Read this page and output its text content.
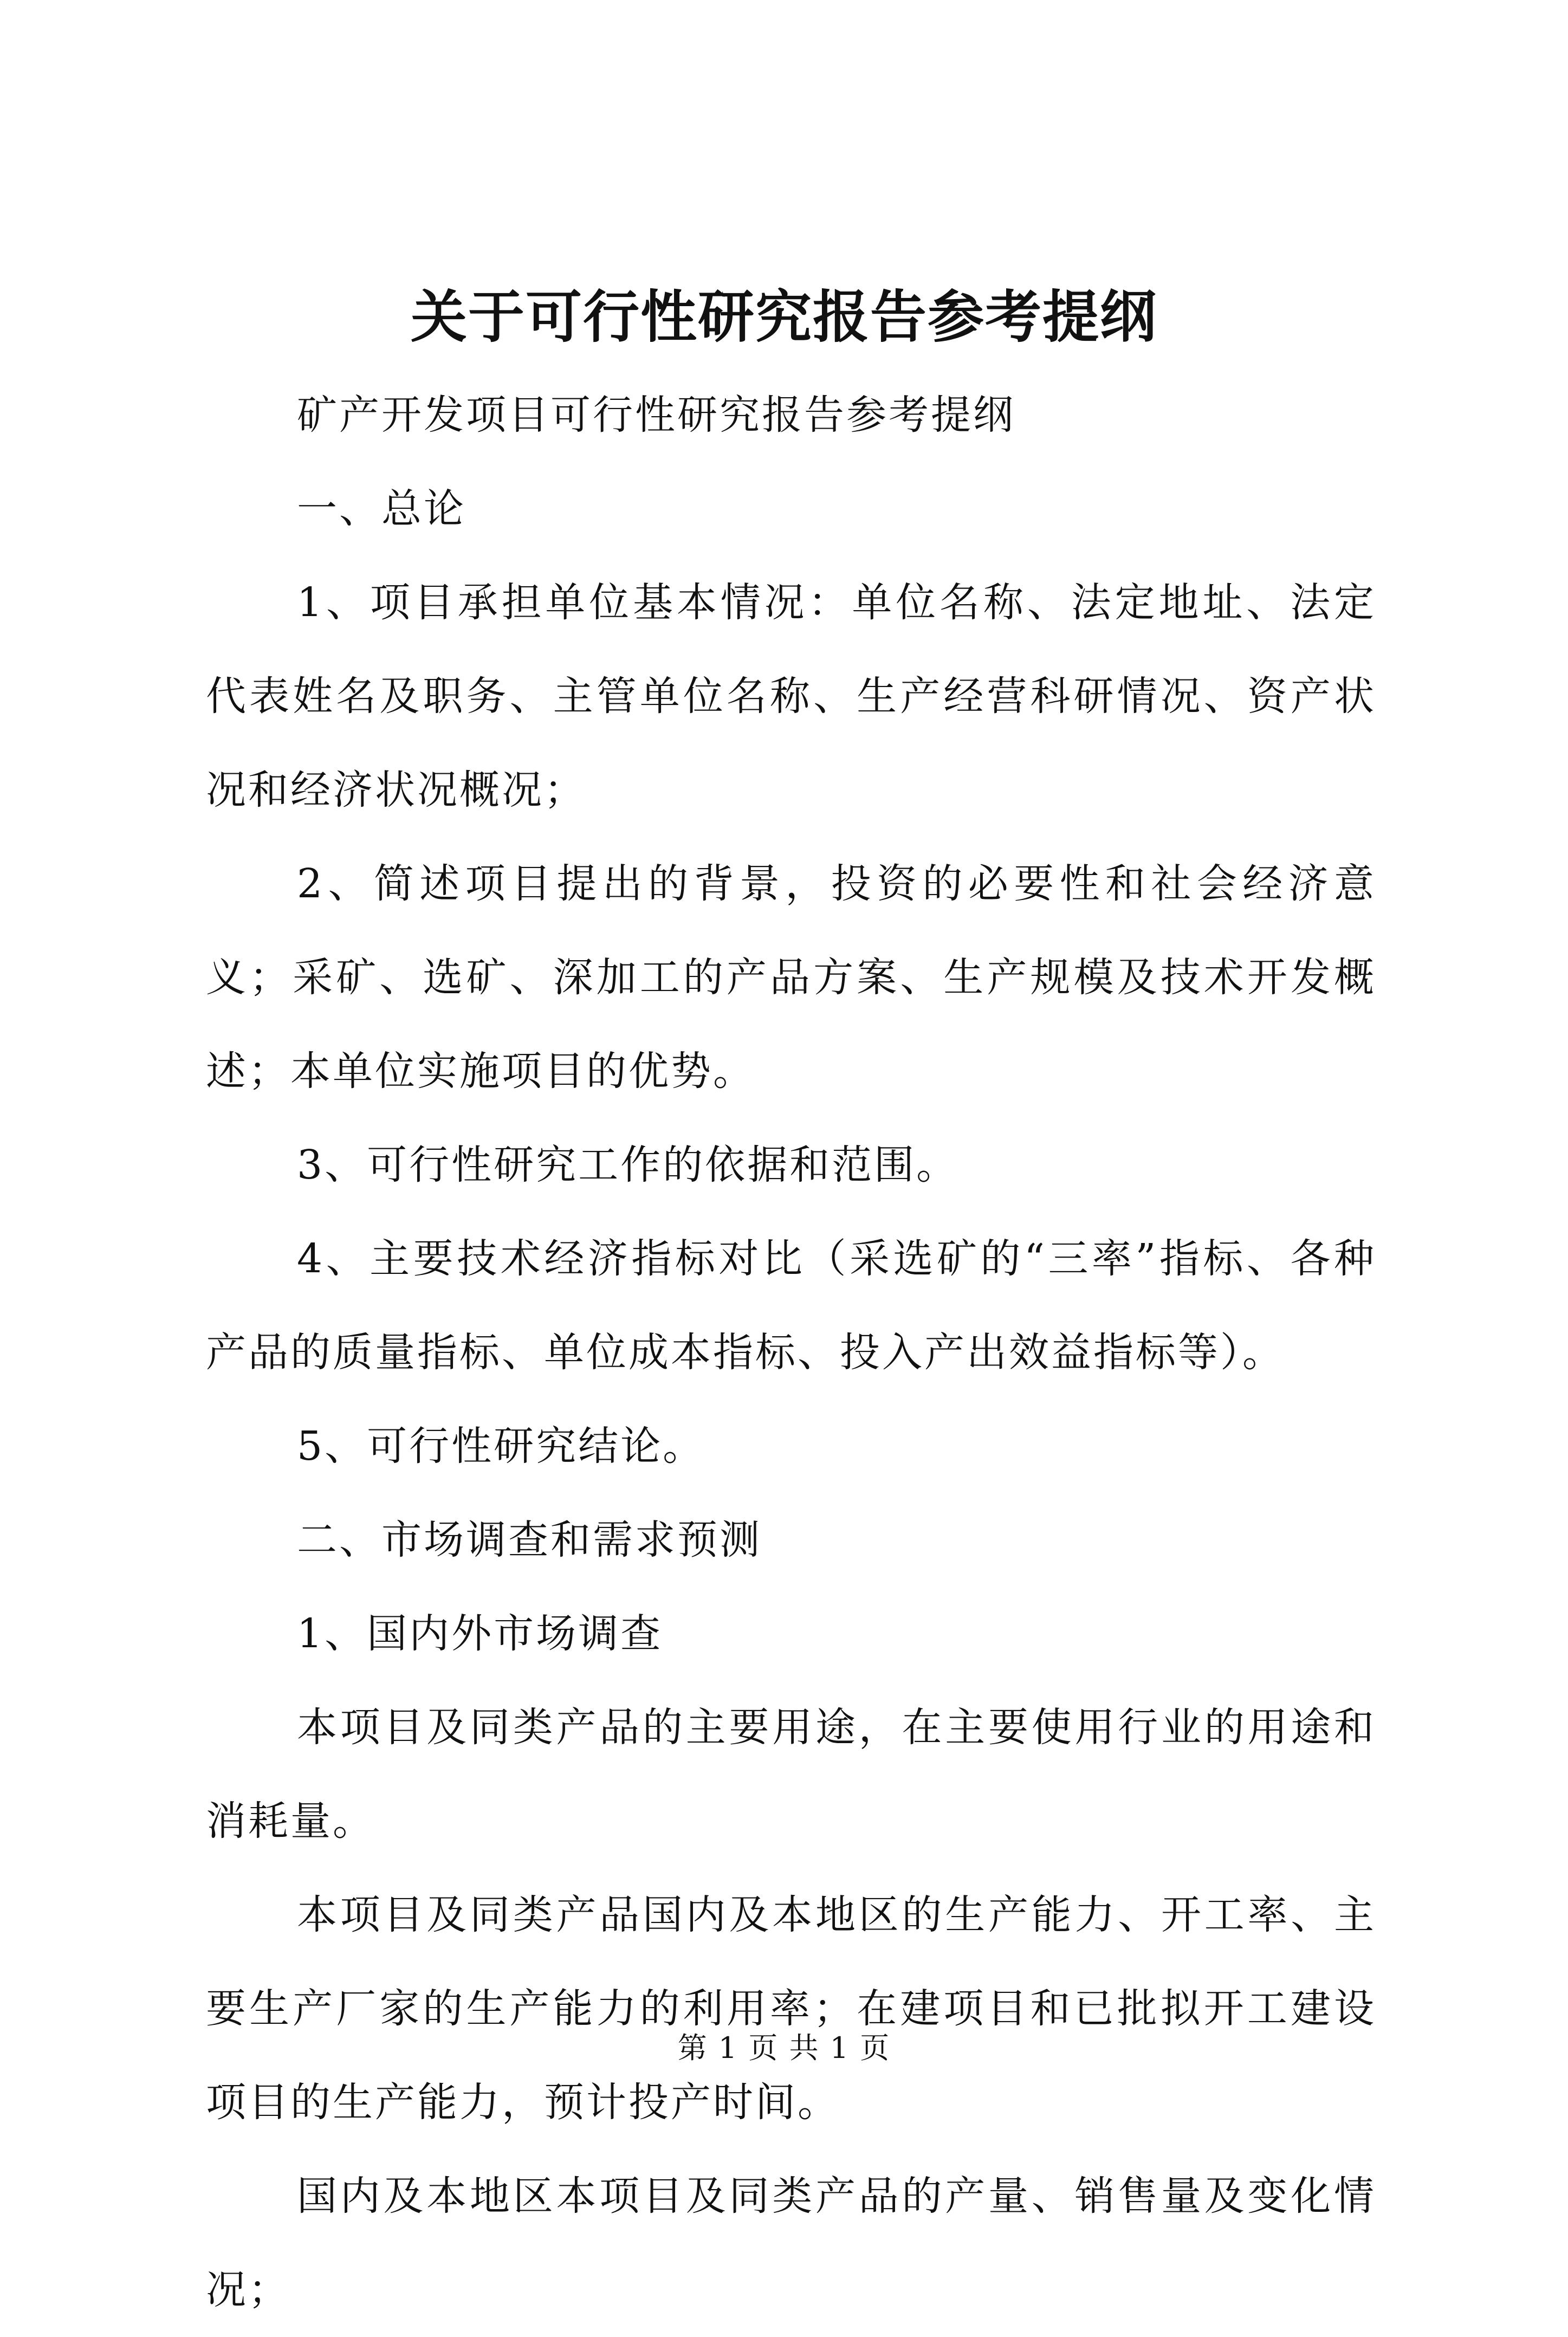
关于可行性研究报告参考提纲

矿产开发项目可行性研究报告参考提纲

一、总论

1、项目承担单位基本情况：单位名称、法定地址、法定代表姓名及职务、主管单位名称、生产经营科研情况、资产状况和经济状况概况；

2、简述项目提出的背景，投资的必要性和社会经济意义；采矿、选矿、深加工的产品方案、生产规模及技术开发概述；本单位实施项目的优势。

3、可行性研究工作的依据和范围。

4、主要技术经济指标对比（采选矿的“三率”指标、各种产品的质量指标、单位成本指标、投入产出效益指标等）。

5、可行性研究结论。

二、市场调查和需求预测

1、国内外市场调查

本项目及同类产品的主要用途，在主要使用行业的用途和消耗量。

本项目及同类产品国内及本地区的生产能力、开工率、主要生产厂家的生产能力的利用率；在建项目和已批拟开工建设项目的生产能力，预计投产时间。

国内及本地区本项目及同类产品的产量、销售量及变化情况；

第 1 页 共 1 页
